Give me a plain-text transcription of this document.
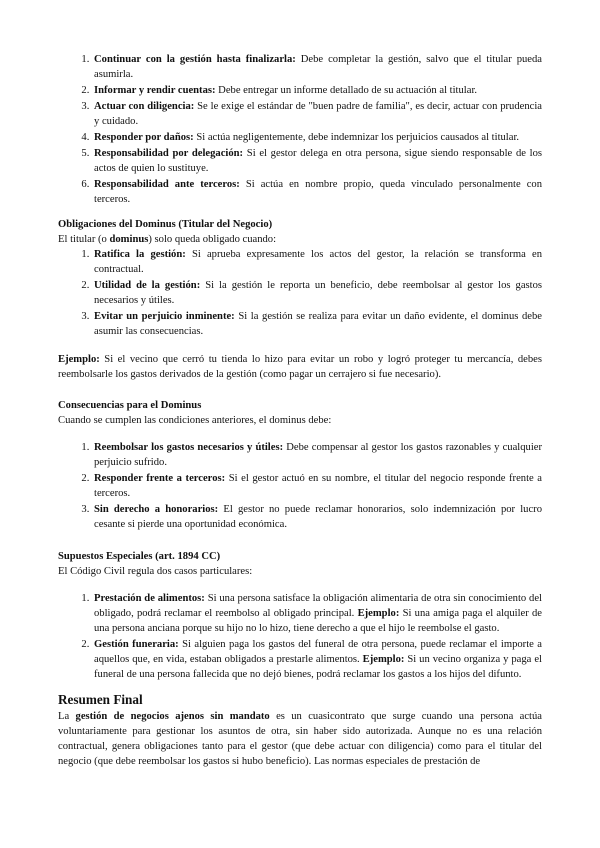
1. Continuar con la gestión hasta finalizarla: Debe completar la gestión, salvo que el titular pueda asumirla.
2. Informar y rendir cuentas: Debe entregar un informe detallado de su actuación al titular.
3. Actuar con diligencia: Se le exige el estándar de "buen padre de familia", es decir, actuar con prudencia y cuidado.
4. Responder por daños: Si actúa negligentemente, debe indemnizar los perjuicios causados al titular.
5. Responsabilidad por delegación: Si el gestor delega en otra persona, sigue siendo responsable de los actos de quien lo sustituye.
6. Responsabilidad ante terceros: Si actúa en nombre propio, queda vinculado personalmente con terceros.

Obligaciones del Dominus (Titular del Negocio)

El titular (o dominus) solo queda obligado cuando:

1. Ratifica la gestión: Si aprueba expresamente los actos del gestor, la relación se transforma en contractual.
2. Utilidad de la gestión: Si la gestión le reporta un beneficio, debe reembolsar al gestor los gastos necesarios y útiles.
3. Evitar un perjuicio inminente: Si la gestión se realiza para evitar un daño evidente, el dominus debe asumir las consecuencias.

Ejemplo: Si el vecino que cerró tu tienda lo hizo para evitar un robo y logró proteger tu mercancía, debes reembolsarle los gastos derivados de la gestión (como pagar un cerrajero si fue necesario).

Consecuencias para el Dominus

Cuando se cumplen las condiciones anteriores, el dominus debe:

1. Reembolsar los gastos necesarios y útiles: Debe compensar al gestor los gastos razonables y cualquier perjuicio sufrido.
2. Responder frente a terceros: Si el gestor actuó en su nombre, el titular del negocio responde frente a terceros.
3. Sin derecho a honorarios: El gestor no puede reclamar honorarios, solo indemnización por lucro cesante si pierde una oportunidad económica.

Supuestos Especiales (art. 1894 CC)

El Código Civil regula dos casos particulares:

1. Prestación de alimentos: Si una persona satisface la obligación alimentaria de otra sin conocimiento del obligado, podrá reclamar el reembolso al obligado principal. Ejemplo: Si una amiga paga el alquiler de una persona anciana porque su hijo no lo hizo, tiene derecho a que el hijo le reembolse el gasto.
2. Gestión funeraria: Si alguien paga los gastos del funeral de otra persona, puede reclamar el importe a aquellos que, en vida, estaban obligados a prestarle alimentos. Ejemplo: Si un vecino organiza y paga el funeral de una persona fallecida que no dejó bienes, podrá reclamar los gastos a los hijos del difunto.

Resumen Final

La gestión de negocios ajenos sin mandato es un cuasicontrato que surge cuando una persona actúa voluntariamente para gestionar los asuntos de otra, sin haber sido autorizada. Aunque no es una relación contractual, genera obligaciones tanto para el gestor (que debe actuar con diligencia) como para el titular del negocio (que debe reembolsar los gastos si hubo beneficio). Las normas especiales de prestación de
